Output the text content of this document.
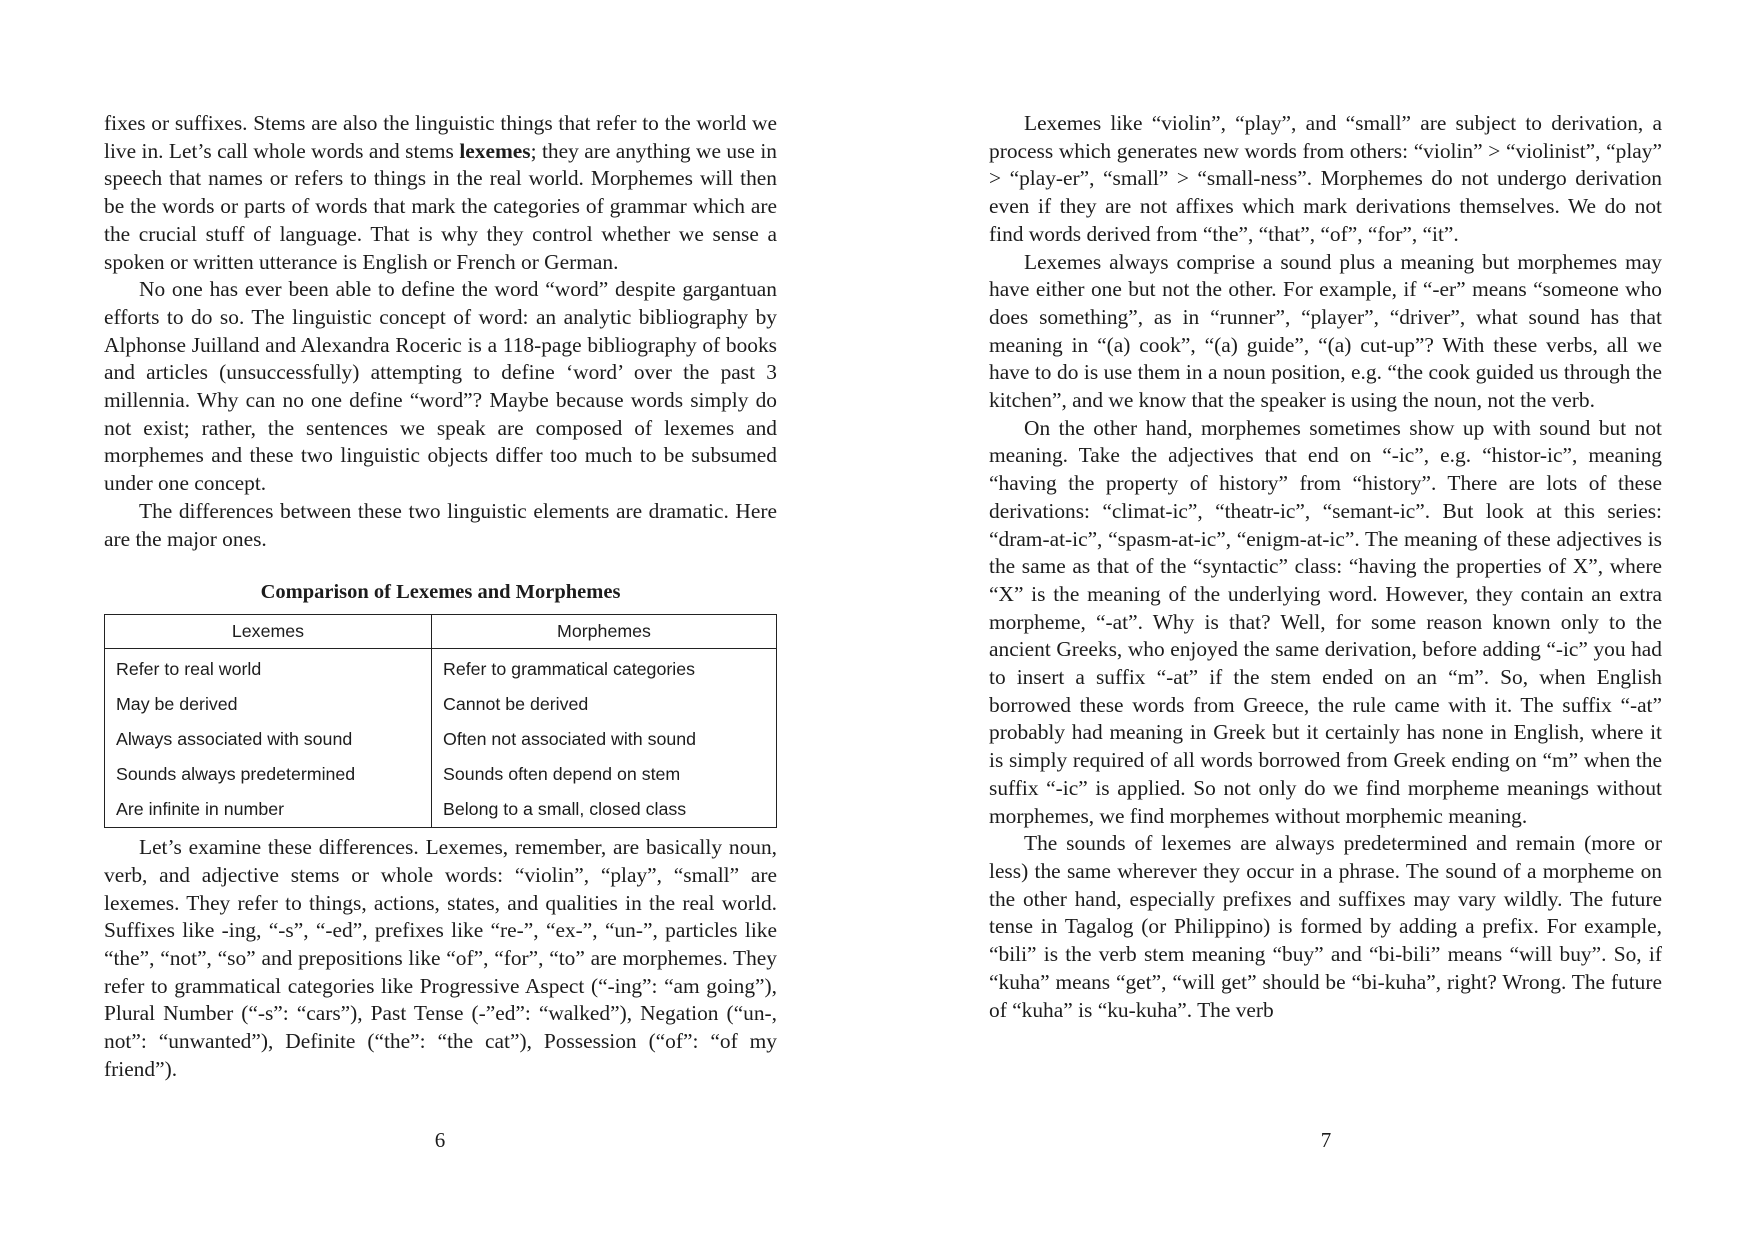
fixes or suffixes. Stems are also the linguistic things that refer to the world we live in. Let’s call whole words and stems lexemes; they are anything we use in speech that names or refers to things in the real world. Morphemes will then be the words or parts of words that mark the categories of grammar which are the crucial stuff of language. That is why they control whether we sense a spoken or written utterance is English or French or German.

No one has ever been able to define the word “word” despite gargantuan efforts to do so. The linguistic concept of word: an analytic bibliography by Alphonse Juilland and Alexandra Roceric is a 118-page bibliography of books and articles (unsuccessfully) attempting to define ‘word’ over the past 3 millennia. Why can no one define “word”? Maybe because words simply do not exist; rather, the sentences we speak are composed of lexemes and morphemes and these two linguistic objects differ too much to be subsumed under one concept.

The differences between these two linguistic elements are dramatic. Here are the major ones.

Comparison of Lexemes and Morphemes
Lexemes	Morphemes
Refer to real world	Refer to grammatical categories
May be derived	Cannot be derived
Always associated with sound	Often not associated with sound
Sounds always predetermined	Sounds often depend on stem
Are infinite in number	Belong to a small, closed class

Let’s examine these differences. Lexemes, remember, are basically noun, verb, and adjective stems or whole words: “violin”, “play”, “small” are lexemes. They refer to things, actions, states, and qualities in the real world. Suffixes like -ing, “-s”, “-ed”, prefixes like “re-”, “ex-”, “un-”, particles like “the”, “not”, “so” and prepositions like “of”, “for”, “to” are morphemes. They refer to grammatical categories like Progressive Aspect (“-ing”: “am going”), Plural Number (“-s”: “cars”), Past Tense (-”ed”: “walked”), Negation (“un-, not”: “unwanted”), Definite (“the”: “the cat”), Possession (“of”: “of my friend”).

6

Lexemes like “violin”, “play”, and “small” are subject to derivation, a process which generates new words from others: “violin” > “violinist”, “play” > “play-er”, “small” > “small-ness”. Morphemes do not undergo derivation even if they are not affixes which mark derivations themselves. We do not find words derived from “the”, “that”, “of”, “for”, “it”.

Lexemes always comprise a sound plus a meaning but morphemes may have either one but not the other. For example, if “-er” means “someone who does something”, as in “runner”, “player”, “driver”, what sound has that meaning in “(a) cook”, “(a) guide”, “(a) cut-up”? With these verbs, all we have to do is use them in a noun position, e.g. “the cook guided us through the kitchen”, and we know that the speaker is using the noun, not the verb.

On the other hand, morphemes sometimes show up with sound but not meaning. Take the adjectives that end on “-ic”, e.g. “histor-ic”, meaning “having the property of history” from “history”. There are lots of these derivations: “climat-ic”, “theatr-ic”, “semant-ic”. But look at this series: “dram-at-ic”, “spasm-at-ic”, “enigm-at-ic”. The meaning of these adjectives is the same as that of the “syntactic” class: “having the properties of X”, where “X” is the meaning of the underlying word. However, they contain an extra morpheme, “-at”. Why is that? Well, for some reason known only to the ancient Greeks, who enjoyed the same derivation, before adding “-ic” you had to insert a suffix “-at” if the stem ended on an “m”. So, when English borrowed these words from Greece, the rule came with it. The suffix “-at” probably had meaning in Greek but it certainly has none in English, where it is simply required of all words borrowed from Greek ending on “m” when the suffix “-ic” is applied. So not only do we find morpheme meanings without morphemes, we find morphemes without morphemic meaning.

The sounds of lexemes are always predetermined and remain (more or less) the same wherever they occur in a phrase. The sound of a morpheme on the other hand, especially prefixes and suffixes may vary wildly. The future tense in Tagalog (or Philippino) is formed by adding a prefix. For example, “bili” is the verb stem meaning “buy” and “bi-bili” means “will buy”. So, if “kuha” means “get”, “will get” should be “bi-kuha”, right? Wrong. The future of “kuha” is “ku-kuha”. The verb

7
